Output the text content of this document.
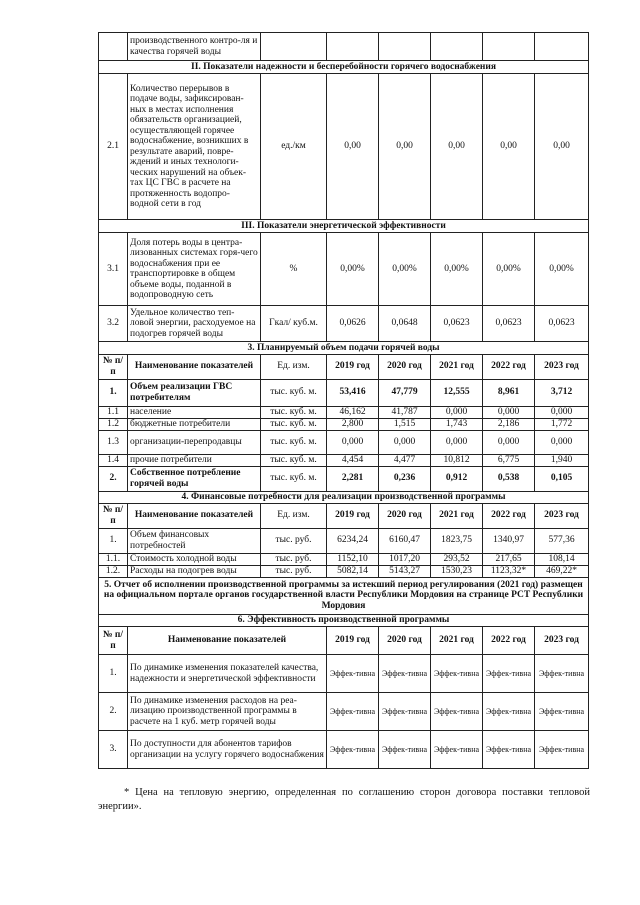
	производственного контро-ля и качества горячей воды						
II. Показатели надежности и бесперебойности горячего водоснабжения							
2.1	Количество перерывов в подаче воды, зафиксирован-ных в местах исполнения обязательств организацией, осуществляющей горячее водоснабжение, возникших в результате аварий, повре-ждений и иных технологи-ческих нарушений на объек-тах ЦС ГВС в расчете на протяженность водопро-водной сети в год	ед./км	0,00	0,00	0,00	0,00	0,00
III. Показатели энергетической эффективности							
3.1	Доля потерь воды в центра-лизованных системах горя-чего водоснабжения при ее транспортировке в общем объеме воды, поданной в водопроводную сеть	%	0,00%	0,00%	0,00%	0,00%	0,00%
3.2	Удельное количество теп-ловой энергии, расходуемое на подогрев горячей воды	Гкал/ куб.м.	0,0626	0,0648	0,0623	0,0623	0,0623
3. Планируемый объем подачи горячей воды							
№ п/п	Наименование показателей	Ед. изм.	2019 год	2020 год	2021 год	2022 год	2023 год
1.	Объем реализации ГВС потребителям	тыс. куб. м.	53,416	47,779	12,555	8,961	3,712
1.1	население	тыс. куб. м.	46,162	41,787	0,000	0,000	0,000
1.2	бюджетные потребители	тыс. куб. м.	2,800	1,515	1,743	2,186	1,772
1.3	организации-перепродавцы	тыс. куб. м.	0,000	0,000	0,000	0,000	0,000
1.4	прочие потребители	тыс. куб. м.	4,454	4,477	10,812	6,775	1,940
2.	Собственное потребление горячей воды	тыс. куб. м.	2,281	0,236	0,912	0,538	0,105
4. Финансовые потребности для реализации производственной программы							
№ п/п	Наименование показателей	Ед. изм.	2019 год	2020 год	2021 год	2022 год	2023 год
1.	Объем финансовых потребностей	тыс. руб.	6234,24	6160,47	1823,75	1340,97	577,36
1.1.	Стоимость холодной воды	тыс. руб.	1152,10	1017,20	293,52	217,65	108,14
1.2.	Расходы на подогрев воды	тыс. руб.	5082,14	5143,27	1530,23	1123,32*	469,22*
5. Отчет об исполнении производственной программы за истекший период регулирования (2021 год) размещен на официальном портале органов государственной власти Республики Мордовия на странице РСТ Республики Мордовия							
6. Эффективность производственной программы						
№ п/п	Наименование показателей	2019 год	2020 год	2021 год	2022 год	2023 год
1.	По динамике изменения показателей качества, надежности и энергетической эффективности	Эффек-тивна	Эффек-тивна	Эффек-тивна	Эффек-тивна	Эффек-тивна
2.	По динамике изменения расходов на реа-лизацию производственной программы в расчете на 1 куб. метр горячей воды	Эффек-тивна	Эффек-тивна	Эффек-тивна	Эффек-тивна	Эффек-тивна
3.	По доступности для абонентов тарифов организации на услугу горячего водоснабжения	Эффек-тивна	Эффек-тивна	Эффек-тивна	Эффек-тивна	Эффек-тивна
* Цена на тепловую энергию, определенная по соглашению сторон договора поставки тепловой энергии».
